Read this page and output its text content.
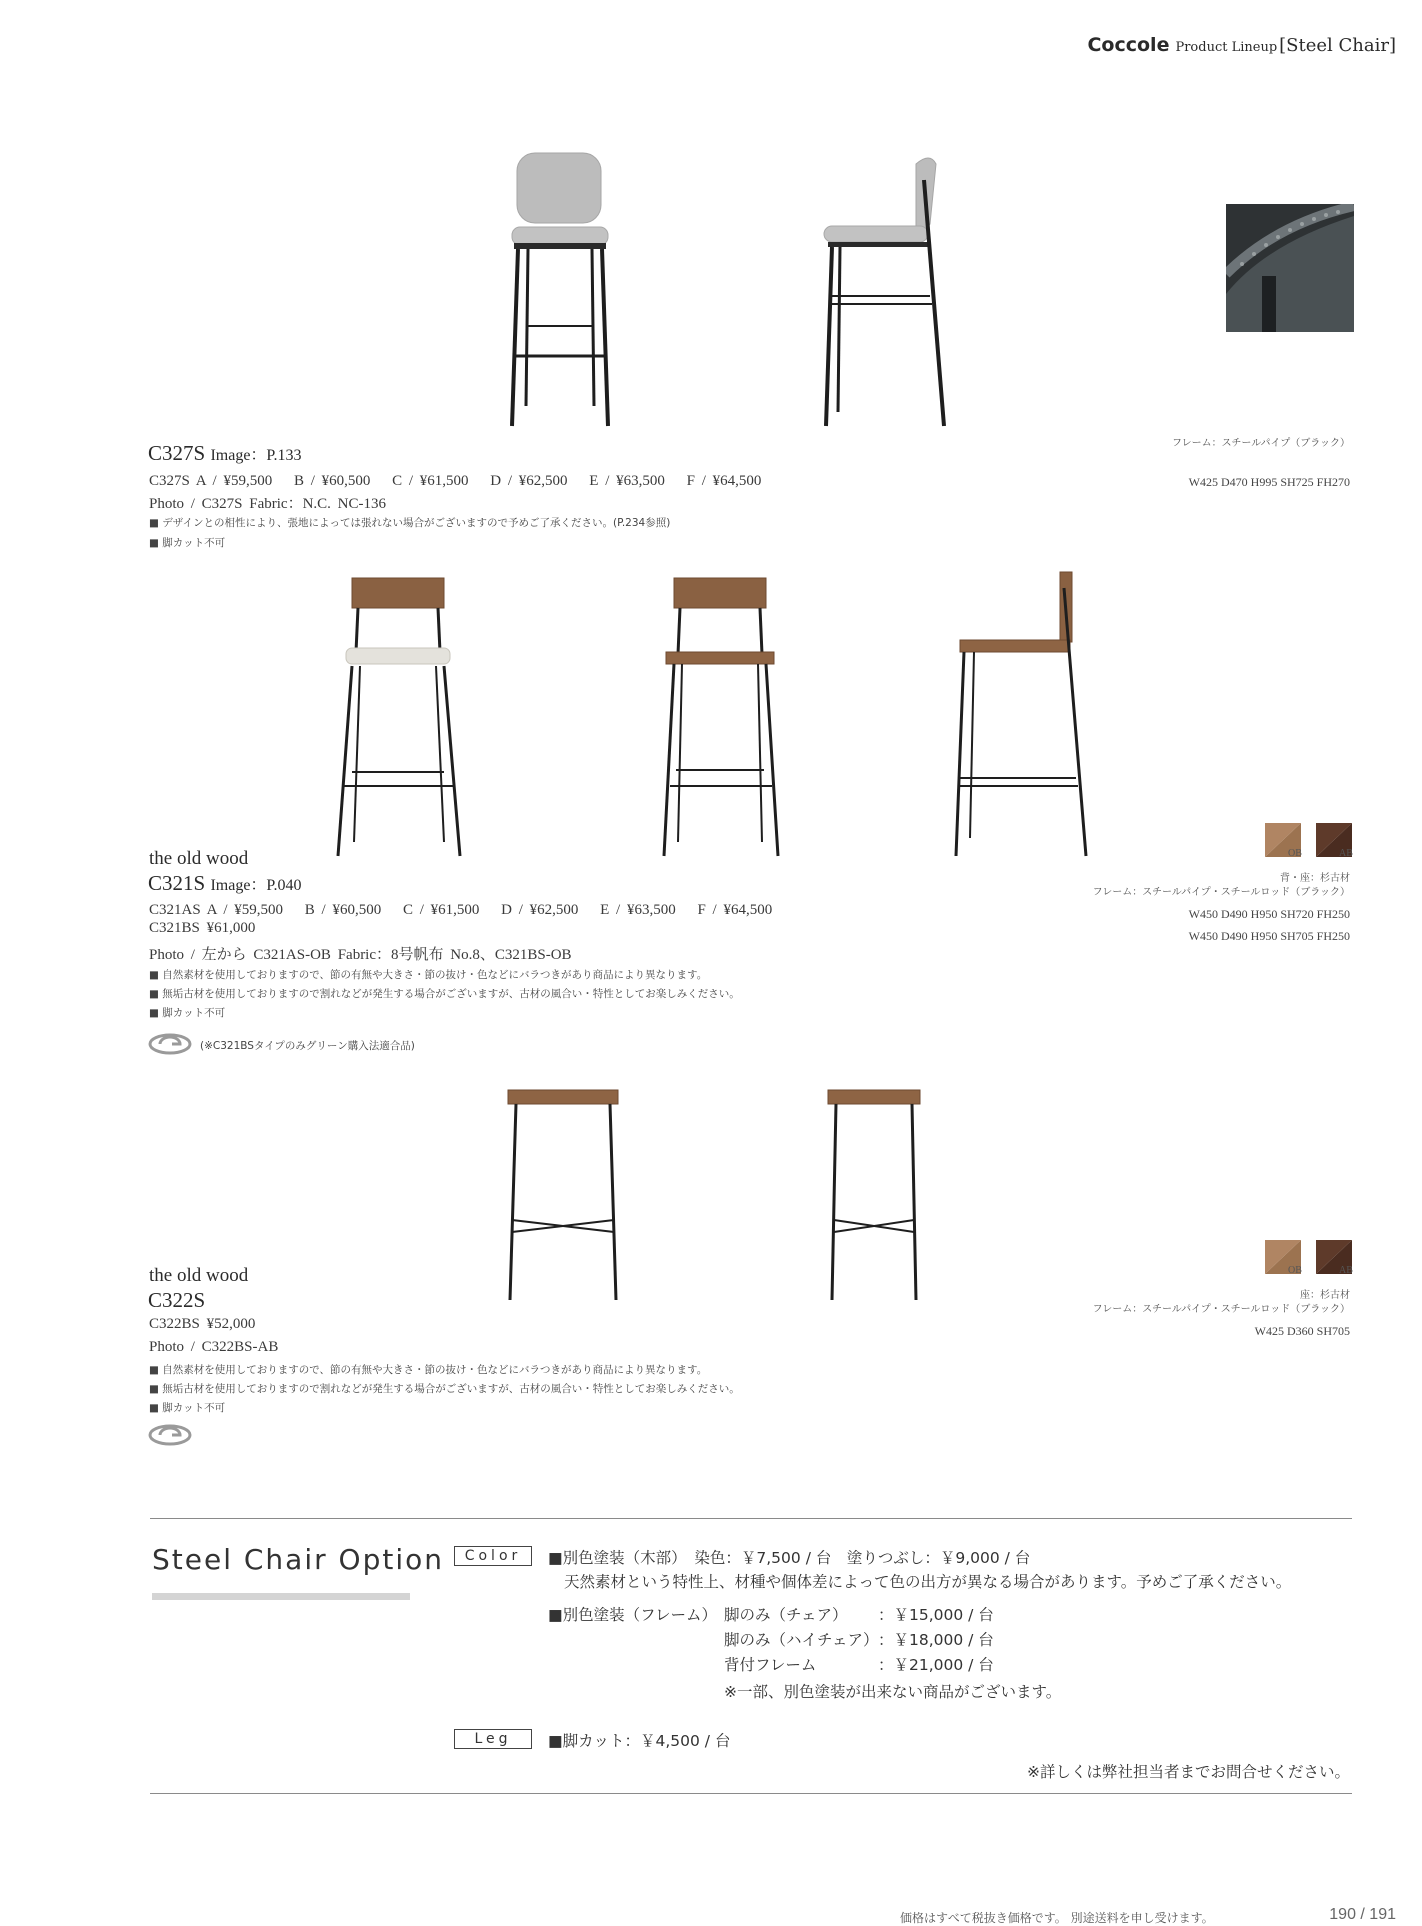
Coccole Product Lineup [Steel Chair]
C327S Image：P.133
C327S A / ¥59,500　 B / ¥60,500　 C / ¥61,500　 D / ¥62,500　 E / ¥63,500　 F / ¥64,500
Photo / C327S Fabric：N.C. NC-136
■ デザインとの相性により、張地によっては張れない場合がございますので予めご了承ください。(P.234参照)
■ 脚カット不可
フレーム：スチールパイプ（ブラック）
W425 D470 H995 SH725 FH270
the old wood
C321S Image：P.040
C321AS A / ¥59,500　 B / ¥60,500　 C / ¥61,500　 D / ¥62,500　 E / ¥63,500　 F / ¥64,500
C321BS ¥61,000
Photo / 左から C321AS-OB Fabric：8号帆布 No.8、C321BS-OB
■ 自然素材を使用しておりますので、節の有無や大きさ・節の抜け・色などにバラつきがあり商品により異なります。
■ 無垢古材を使用しておりますので割れなどが発生する場合がございますが、古材の風合い・特性としてお楽しみください。
■ 脚カット不可
(※C321BSタイプのみグリーン購入法適合品)
OB	AB
背・座：杉古材
フレーム：スチールパイプ・スチールロッド（ブラック）
W450 D490 H950 SH720 FH250
W450 D490 H950 SH705 FH250
the old wood
C322S
C322BS ¥52,000
Photo / C322BS-AB
■ 自然素材を使用しておりますので、節の有無や大きさ・節の抜け・色などにバラつきがあり商品により異なります。
■ 無垢古材を使用しておりますので割れなどが発生する場合がございますが、古材の風合い・特性としてお楽しみください。
■ 脚カット不可
OB	AB
座：杉古材
フレーム：スチールパイプ・スチールロッド（ブラック）
W425 D360 SH705
Steel Chair Option	Color	■別色塗装（木部）　染色：￥7,500 / 台　塗りつぶし：￥9,000 / 台
天然素材という特性上、材種や個体差によって色の出方が異なる場合があります。予めご了承ください。
■別色塗装（フレーム） 脚のみ（チェア） ：￥15,000 / 台
脚のみ（ハイチェア） ：￥18,000 / 台
背付フレーム	：￥21,000 / 台
※一部、別色塗装が出来ない商品がございます。
Leg	■脚カット：￥4,500 / 台
※詳しくは弊社担当者までお問合せください。
価格はすべて税抜き価格です。 別途送料を申し受けます。	190 / 191
